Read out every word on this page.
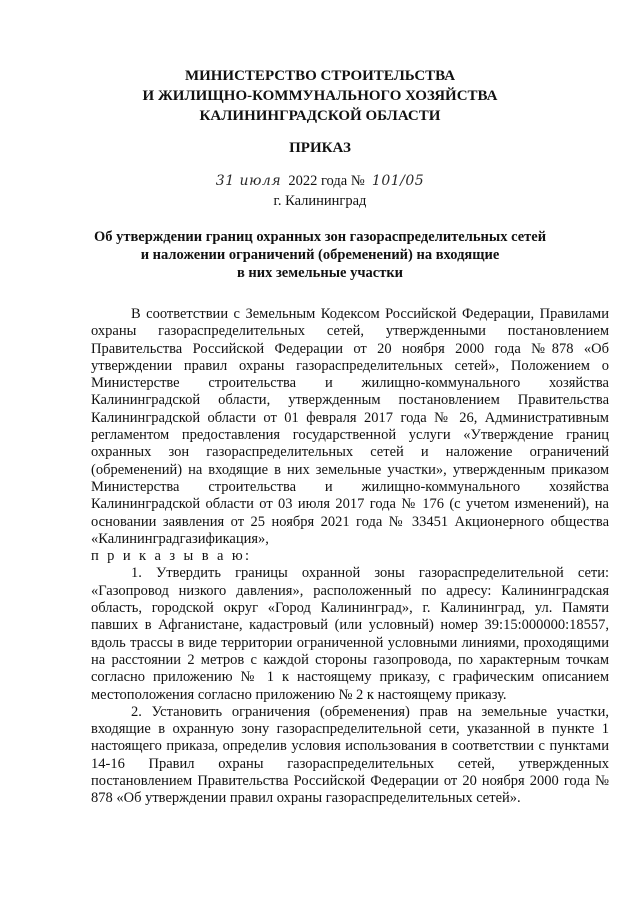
МИНИСТЕРСТВО СТРОИТЕЛЬСТВА
И ЖИЛИЩНО-КОММУНАЛЬНОГО ХОЗЯЙСТВА
КАЛИНИНГРАДСКОЙ ОБЛАСТИ
ПРИКАЗ
31 июля 2022 года № 101/05
г. Калининград
Об утверждении границ охранных зон газораспределительных сетей
и наложении ограничений (обременений) на входящие
в них земельные участки

В соответствии с Земельным Кодексом Российской Федерации, Правилами охраны газораспределительных сетей, утвержденными постановлением Правительства Российской Федерации от 20 ноября 2000 года №878 «Об утверждении правил охраны газораспределительных сетей», Положением о Министерстве строительства и жилищно-коммунального хозяйства Калининградской области, утвержденным постановлением Правительства Калининградской области от 01 февраля 2017 года № 26, Административным регламентом предоставления государственной услуги «Утверждение границ охранных зон газораспределительных сетей и наложение ограничений (обременений) на входящие в них земельные участки», утвержденным приказом Министерства строительства и жилищно-коммунального хозяйства Калининградской области от 03 июля 2017 года № 176 (с учетом изменений), на основании заявления от 25 ноября 2021 года № 33451 Акционерного общества «Калининградгазификация»,

п р и к а з ы в а ю:

1. Утвердить границы охранной зоны газораспределительной сети: «Газопровод низкого давления», расположенный по адресу: Калининградская область, городской округ «Город Калининград», г. Калининград, ул. Памяти павших в Афганистане, кадастровый (или условный) номер 39:15:000000:18557, вдоль трассы в виде территории ограниченной условными линиями, проходящими на расстоянии 2 метров с каждой стороны газопровода, по характерным точкам согласно приложению № 1 к настоящему приказу, с графическим описанием местоположения согласно приложению № 2 к настоящему приказу.

2. Установить ограничения (обременения) прав на земельные участки, входящие в охранную зону газораспределительной сети, указанной в пункте 1 настоящего приказа, определив условия использования в соответствии с пунктами 14-16 Правил охраны газораспределительных сетей, утвержденных постановлением Правительства Российской Федерации от 20 ноября 2000 года № 878 «Об утверждении правил охраны газораспределительных сетей».
